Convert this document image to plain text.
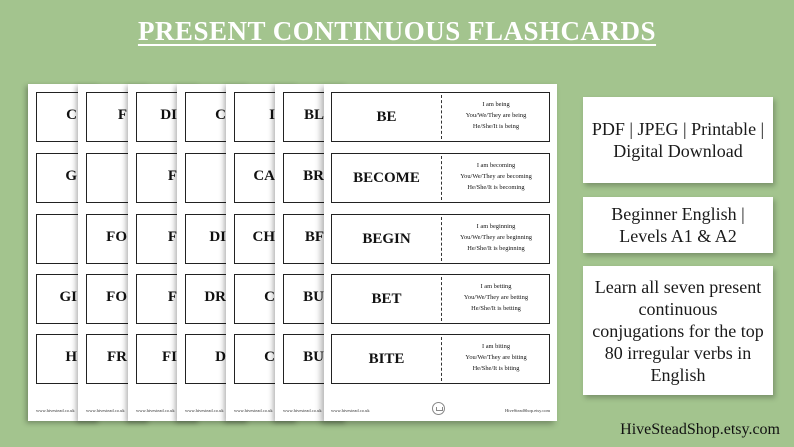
PRESENT CONTINUOUS FLASHCARDS
C
G
GI
H
www.hivestead.co.uk
F
FO
FO
FR
www.hivestead.co.uk
DI
F
F
F
FI
www.hivestead.co.uk
C
DI
DR
D
www.hivestead.co.uk
I
CA
CH
C
C
www.hivestead.co.uk
BL
BR
BF
BU
BU
www.hivestead.co.uk
BE
I am being
You/We/They are being
He/She/It is being
BECOME
I am becoming
You/We/They are becoming
He/She/It is becoming
BEGIN
I am beginning
You/We/They are beginning
He/She/It is beginning
BET
I am betting
You/We/They are betting
He/She/It is betting
BITE
I am biting
You/We/They are biting
He/She/It is biting
www.hivestead.co.uk	HiveSteadShop.etsy.com
PDF | JPEG | Printable | Digital Download
Beginner English | Levels A1 & A2
Learn all seven present continuous conjugations for the top 80 irregular verbs in English
HiveSteadShop.etsy.com
